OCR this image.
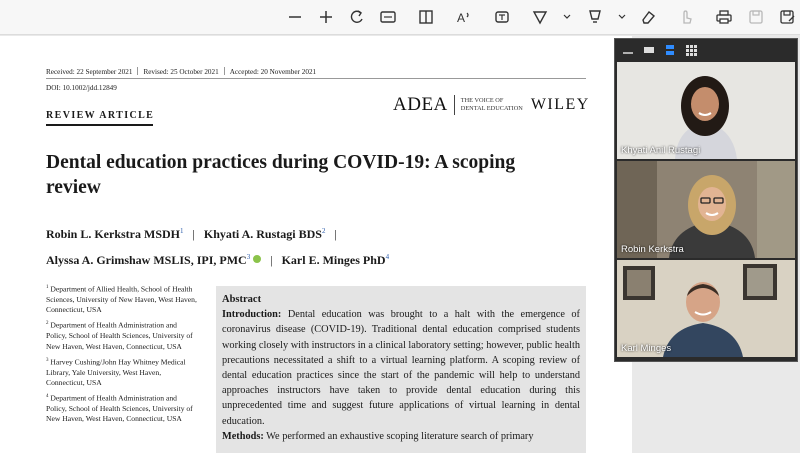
A
Received: 22 September 2021 Revised: 25 October 2021 Accepted: 20 November 2021
DOI: 10.1002/jdd.12849
REVIEW ARTICLE
ADEA THE VOICE OF
DENTAL EDUCATION WILEY
Dental education practices during COVID-19: A scoping review
Robin L. Kerkstra MSDH$^1$ | Khyati A. Rustagi BDS$^2$ |
Alyssa A. Grimshaw MSLIS, IPI, PMC$^3$ | Karl E. Minges PhD$^4$

$^1$ Department of Allied Health, School of Health Sciences, University of New Haven, West Haven, Connecticut, USA

$^2$ Department of Health Administration and Policy, School of Health Sciences, University of New Haven, West Haven, Connecticut, USA

$^3$ Harvey Cushing/John Hay Whitney Medical Library, Yale University, West Haven, Connecticut, USA

$^4$ Department of Health Administration and Policy, School of Health Sciences, University of New Haven, West Haven, Connecticut, USA

Abstract
Introduction: Dental education was brought to a halt with the emergence of coronavirus disease (COVID-19). Traditional dental education comprised students working closely with instructors in a clinical laboratory setting; however, public health precautions necessitated a shift to a virtual learning platform. A scoping review of dental education practices since the start of the pandemic will help to understand approaches instructors have taken to provide dental education during this unprecedented time and suggest future applications of virtual learning in dental education.
Methods: We performed an exhaustive scoping literature search of primary
Khyati Anil Rustagi
Robin Kerkstra
Karl Minges
